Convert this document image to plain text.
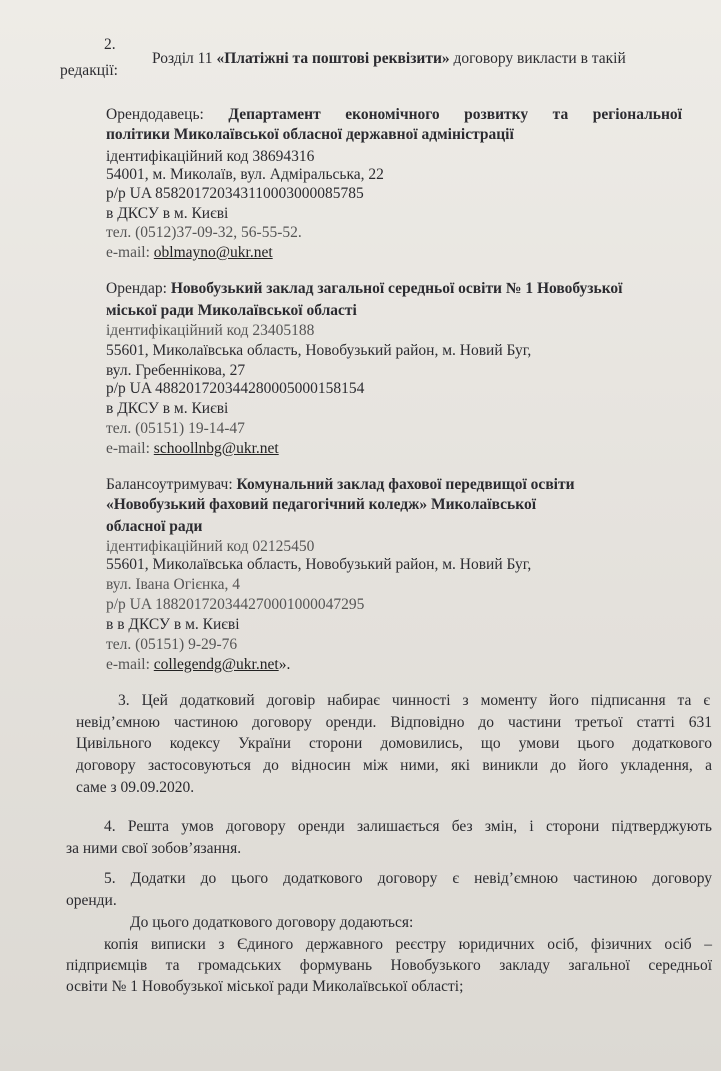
2.
Розділ 11 «Платіжні та поштові реквізити» договору викласти в такій
редакції:
Орендодавець: Департамент економічного розвитку та регіональної
політики Миколаївської обласної державної адміністрації
ідентифікаційний код 38694316
54001, м. Миколаїв, вул. Адміральська, 22
р/р UA 858201720343110003000085785
в ДКСУ в м. Києві
тел. (0512)37-09-32, 56-55-52.
e-mail: oblmayno@ukr.net
Орендар: Новобузький заклад загальної середньої освіти № 1 Новобузької
міської ради Миколаївської області
ідентифікаційний код 23405188
55601, Миколаївська область, Новобузький район, м. Новий Буг,
вул. Гребеннікова, 27
р/р UA 488201720344280005000158154
в ДКСУ в м. Києві
тел. (05151) 19-14-47
e-mail: schoollnbg@ukr.net
Балансоутримувач: Комунальний заклад фахової передвищої освіти
«Новобузький фаховий педагогічний коледж» Миколаївської
обласної ради
ідентифікаційний код 02125450
55601, Миколаївська область, Новобузький район, м. Новий Буг,
вул. Івана Огієнка, 4
р/р UA 188201720344270001000047295
в в ДКСУ в м. Києві
тел. (05151) 9-29-76
e-mail: collegendg@ukr.net».
3. Цей додатковий договір набирає чинності з моменту його підписання та є
невід’ємною частиною договору оренди. Відповідно до частини третьої статті 631
Цивільного кодексу України сторони домовились, що умови цього додаткового
договору застосовуються до відносин між ними, які виникли до його укладення, а
саме з 09.09.2020.
4. Решта умов договору оренди залишається без змін, і сторони підтверджують
за ними свої зобов’язання.
5. Додатки до цього додаткового договору є невід’ємною частиною договору
оренди.
До цього додаткового договору додаються:
копія виписки з Єдиного державного реєстру юридичних осіб, фізичних осіб –
підприємців та громадських формувань Новобузького закладу загальної середньої
освіти № 1 Новобузької міської ради Миколаївської області;
